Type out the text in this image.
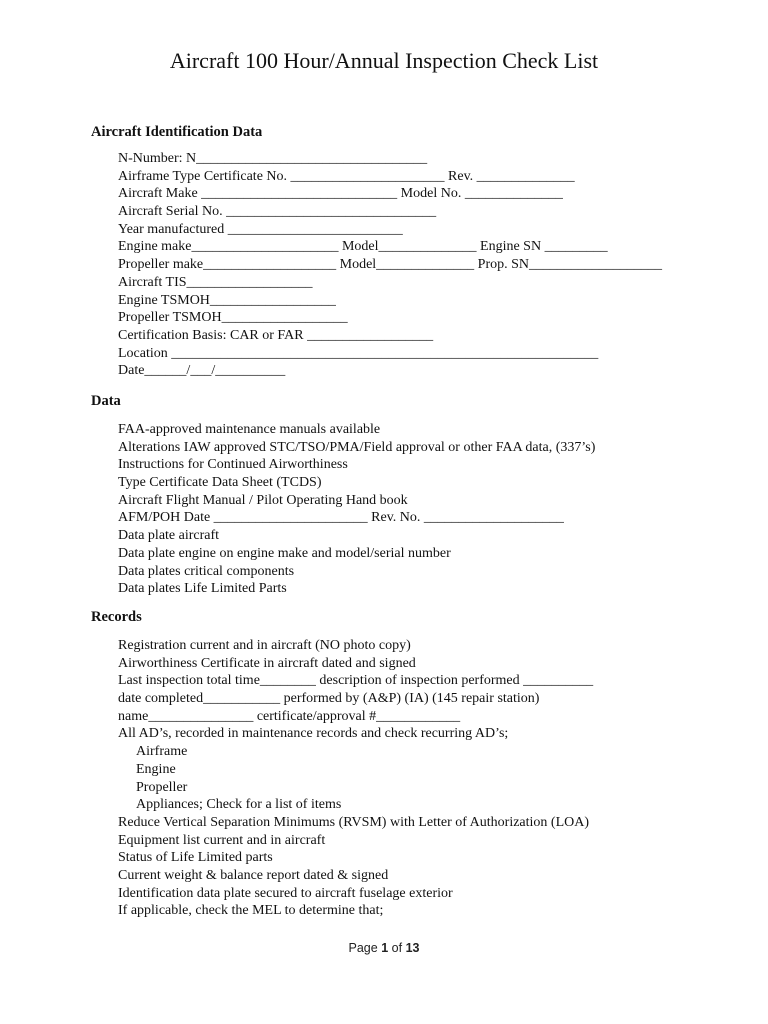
Aircraft 100 Hour/Annual Inspection Check List
Aircraft Identification Data
N-Number: N_________________________________
Airframe Type Certificate No. ______________________ Rev. ______________
Aircraft Make ____________________________ Model No. ______________
Aircraft Serial No. ______________________________
Year manufactured _________________________
Engine make_____________________ Model______________ Engine SN _________
Propeller make___________________ Model______________ Prop. SN___________________
Aircraft TIS__________________
Engine TSMOH__________________
Propeller TSMOH__________________
Certification Basis: CAR or FAR __________________
Location _____________________________________________________________
Date______/___/__________
Data
FAA-approved maintenance manuals available
Alterations IAW approved STC/TSO/PMA/Field approval or other FAA data, (337’s)
Instructions for Continued Airworthiness
Type Certificate Data Sheet (TCDS)
Aircraft Flight Manual / Pilot Operating Hand book
AFM/POH Date ______________________ Rev. No. ____________________
Data plate aircraft
Data plate engine on engine make and model/serial number
Data plates critical components
Data plates Life Limited Parts
Records
Registration current and in aircraft (NO photo copy)
Airworthiness Certificate in aircraft dated and signed
Last inspection total time________ description of inspection performed __________
date completed___________ performed by (A&P) (IA) (145 repair station)
name_______________ certificate/approval #____________
All AD’s, recorded in maintenance records and check recurring AD’s;
Airframe
Engine
Propeller
Appliances; Check for a list of items
Reduce Vertical Separation Minimums (RVSM) with Letter of Authorization (LOA)
Equipment list current and in aircraft
Status of Life Limited parts
Current weight & balance report dated & signed
Identification data plate secured to aircraft fuselage exterior
If applicable, check the MEL to determine that;
Page 1 of 13
